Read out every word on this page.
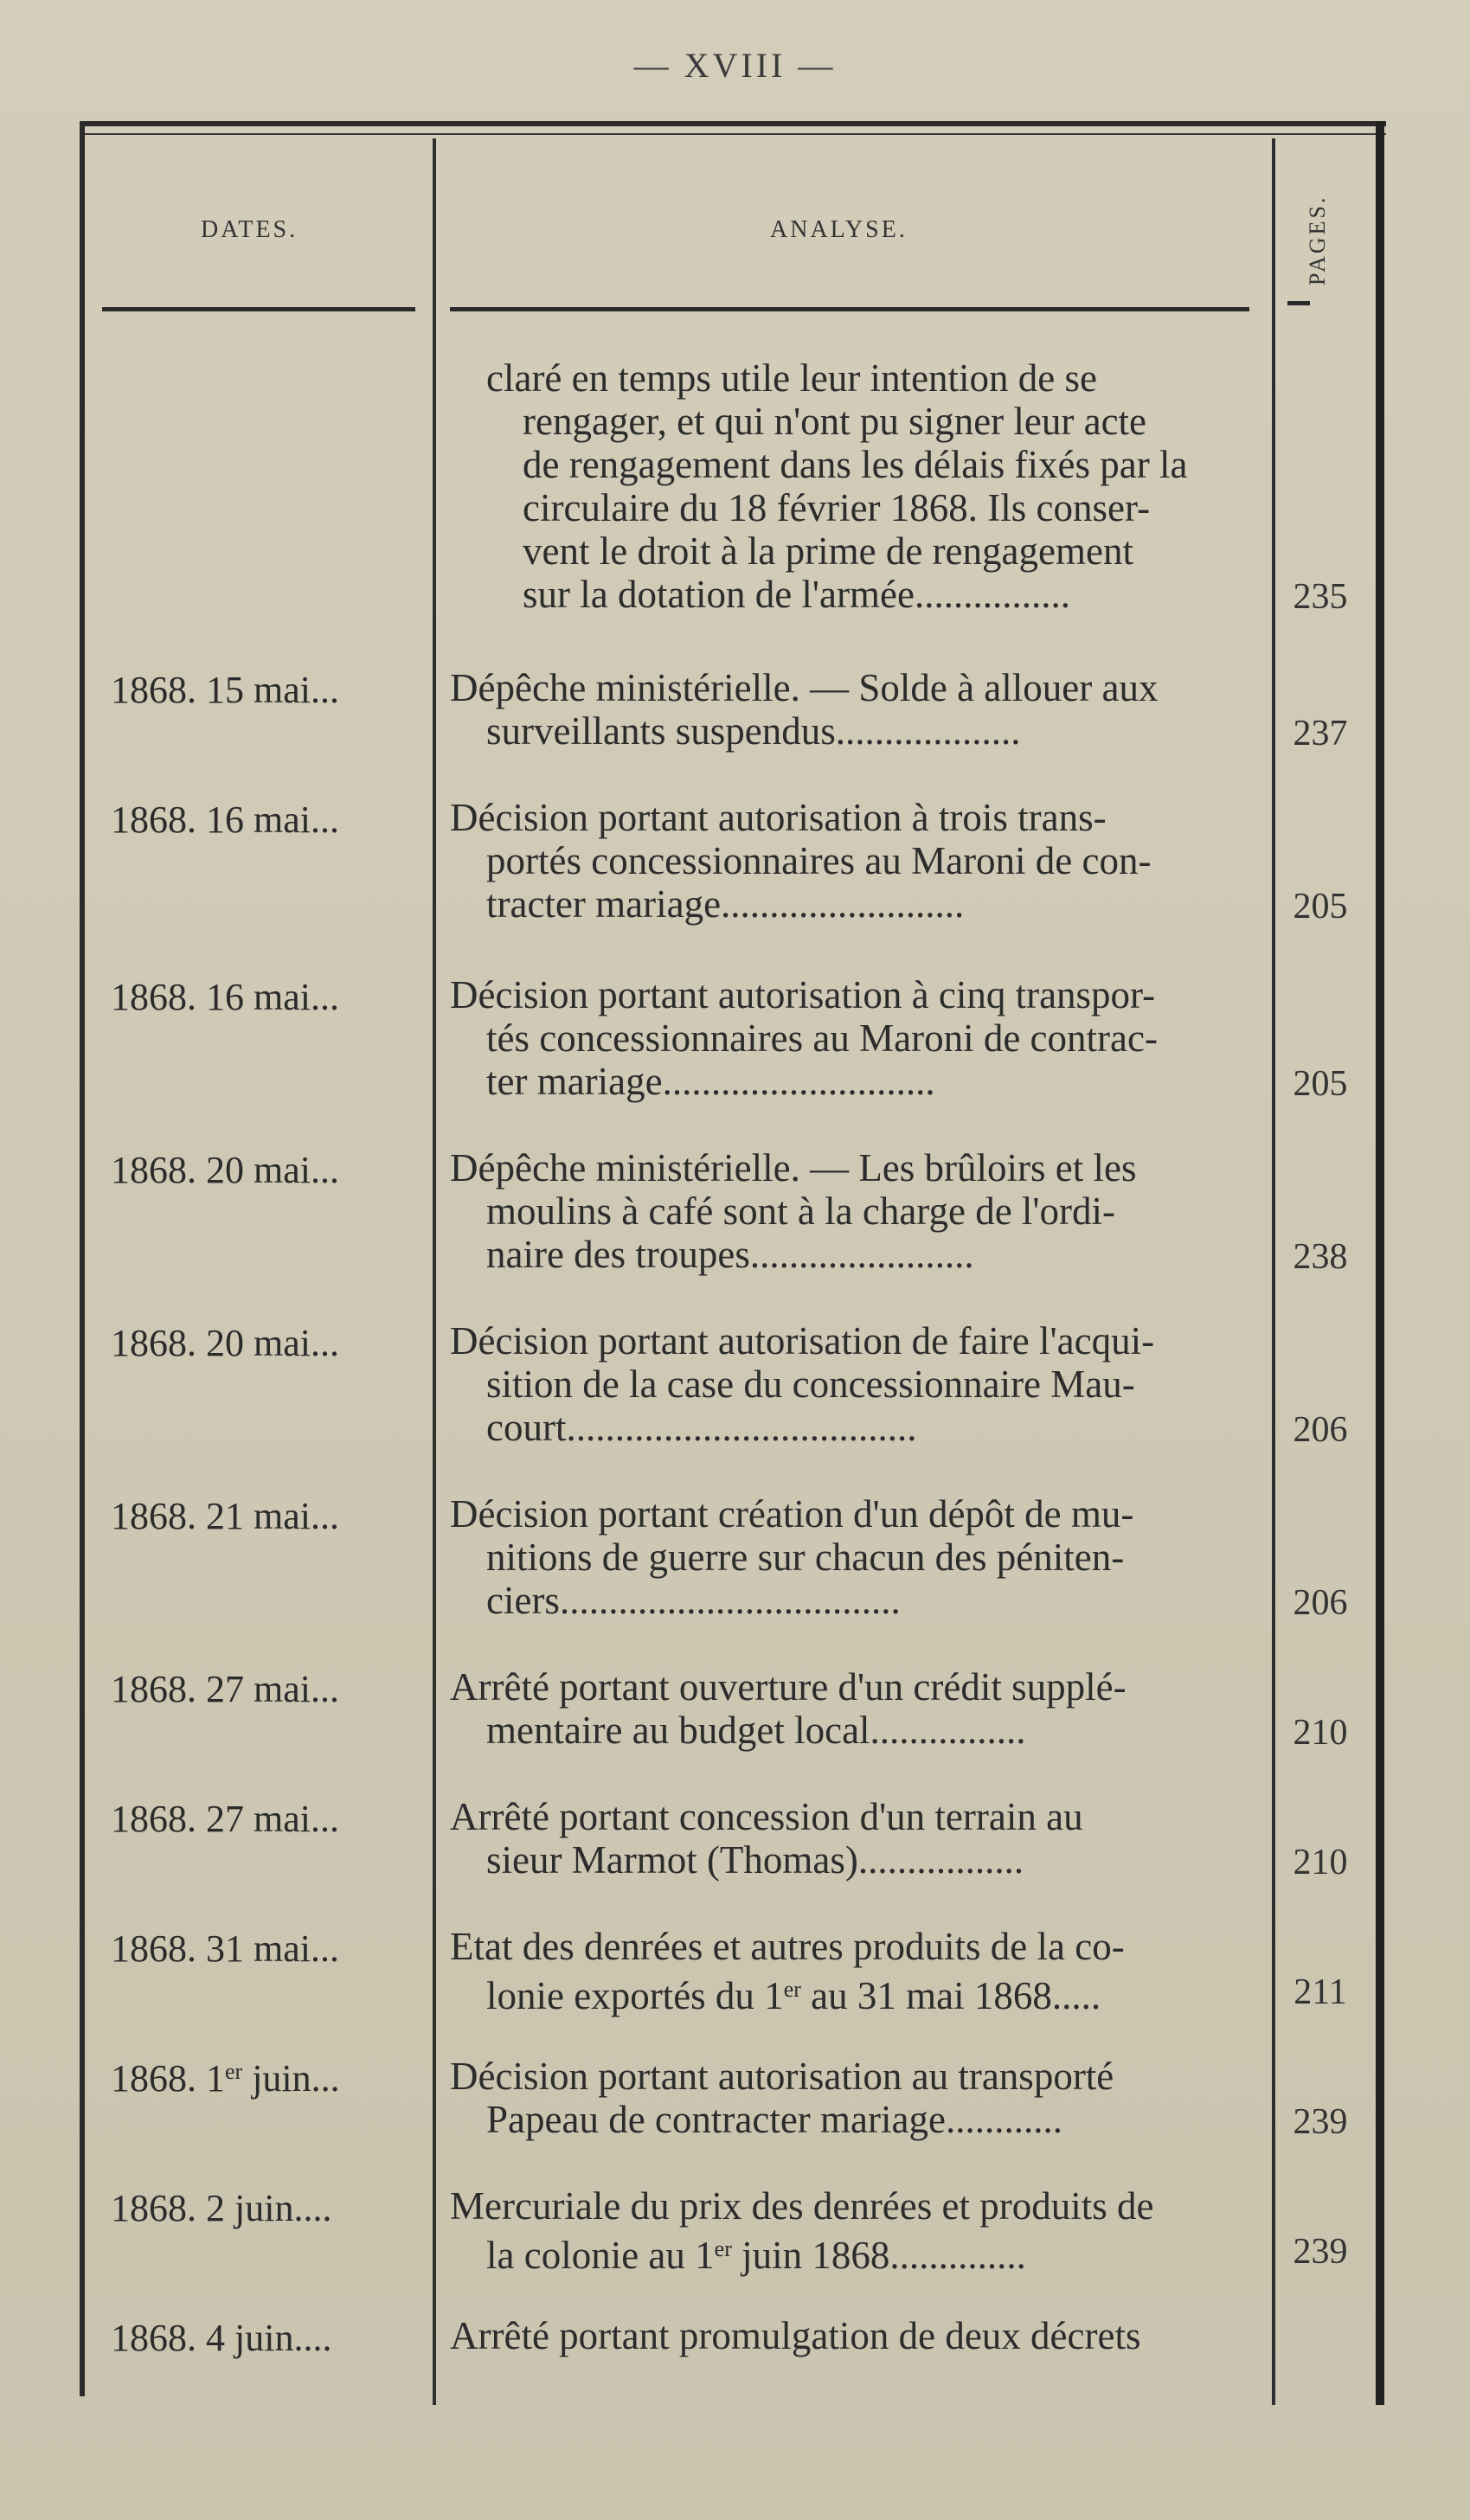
— XVIII —
DATES.	ANALYSE.	PAGES.
claré en temps utile leur intention de se
rengager, et qui n'ont pu signer leur acte
de rengagement dans les délais fixés par la
circulaire du 18 février 1868. Ils conser-
vent le droit à la prime de rengagement
sur la dotation de l'armée................	235
1868. 15 mai...	Dépêche ministérielle. — Solde à allouer aux
surveillants suspendus...................	237
1868. 16 mai...	Décision portant autorisation à trois trans-
portés concessionnaires au Maroni de con-
tracter mariage.........................	205
1868. 16 mai...	Décision portant autorisation à cinq transpor-
tés concessionnaires au Maroni de contrac-
ter mariage............................	205
1868. 20 mai...	Dépêche ministérielle. — Les brûloirs et les
moulins à café sont à la charge de l'ordi-
naire des troupes.......................	238
1868. 20 mai...	Décision portant autorisation de faire l'acqui-
sition de la case du concessionnaire Mau-
court....................................	206
1868. 21 mai...	Décision portant création d'un dépôt de mu-
nitions de guerre sur chacun des péniten-
ciers...................................	206
1868. 27 mai...	Arrêté portant ouverture d'un crédit supplé-
mentaire au budget local................	210
1868. 27 mai...	Arrêté portant concession d'un terrain au
sieur Marmot (Thomas).................	210
1868. 31 mai...	Etat des denrées et autres produits de la co-
lonie exportés du 1er au 31 mai 1868.....	211
1868. 1er juin...	Décision portant autorisation au transporté
Papeau de contracter mariage............	239
1868. 2 juin....	Mercuriale du prix des denrées et produits de
la colonie au 1er juin 1868..............	239
1868. 4 juin....	Arrêté portant promulgation de deux décrets
